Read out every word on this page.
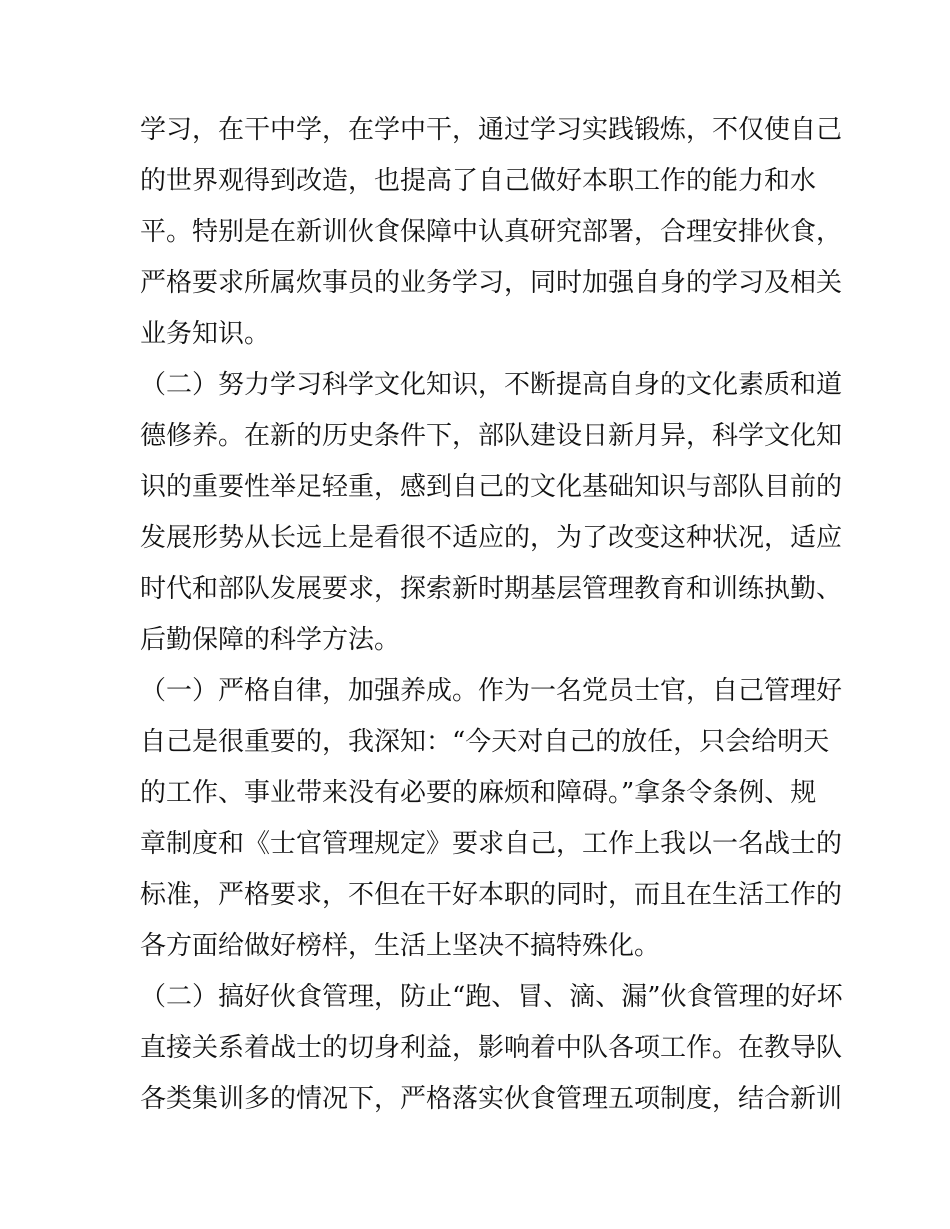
学习，在干中学，在学中干，通过学习实践锻炼，不仅使自己
的世界观得到改造，也提高了自己做好本职工作的能力和水
平。特别是在新训伙食保障中认真研究部署，合理安排伙食，
严格要求所属炊事员的业务学习，同时加强自身的学习及相关
业务知识。
（二）努力学习科学文化知识，不断提高自身的文化素质和道
德修养。在新的历史条件下，部队建设日新月异，科学文化知
识的重要性举足轻重，感到自己的文化基础知识与部队目前的
发展形势从长远上是看很不适应的，为了改变这种状况，适应
时代和部队发展要求，探索新时期基层管理教育和训练执勤、
后勤保障的科学方法。
（一）严格自律，加强养成。作为一名党员士官，自己管理好
自己是很重要的，我深知：“今天对自己的放任，只会给明天
的工作、事业带来没有必要的麻烦和障碍。”拿条令条例、规
章制度和《士官管理规定》要求自己，工作上我以一名战士的
标准，严格要求，不但在干好本职的同时，而且在生活工作的
各方面给做好榜样，生活上坚决不搞特殊化。
（二）搞好伙食管理，防止“跑、冒、滴、漏”伙食管理的好坏
直接关系着战士的切身利益，影响着中队各项工作。在教导队
各类集训多的情况下，严格落实伙食管理五项制度，结合新训
